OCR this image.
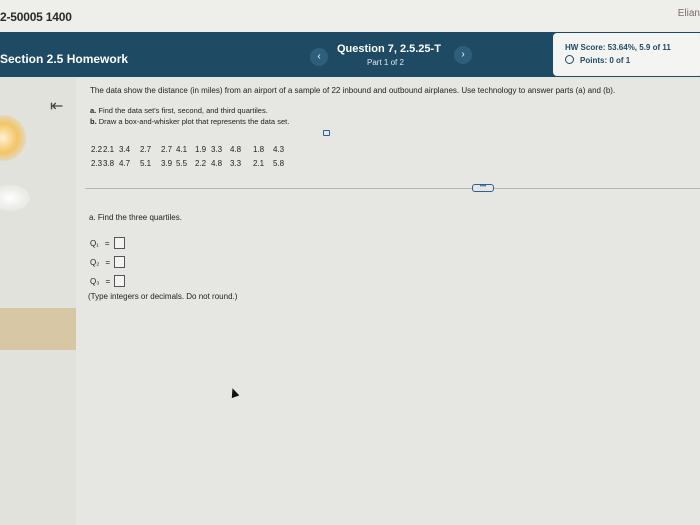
2-50005 1400	Elian
Section 2.5 Homework	‹
Question 7, 2.5.25-T
Part 1 of 2
›
HW Score: 53.64%, 5.9 of 11
Points: 0 of 1
⇤
The data show the distance (in miles) from an airport of a sample of 22 inbound and outbound airplanes. Use technology to answer parts (a) and (b).
a. Find the data set's first, second, and third quartiles.
b. Draw a box-and-whisker plot that represents the data set.
2.22.1 3.4 2.7 2.7 4.1 1.9 3.3 4.8 1.8 4.3
2.33.8 4.7 5.1 3.9 5.5 2.2 4.8 3.3 2.1 5.8
•••
a. Find the three quartiles.
Q₁ =
Q₂ =
Q₃ =
(Type integers or decimals. Do not round.)
